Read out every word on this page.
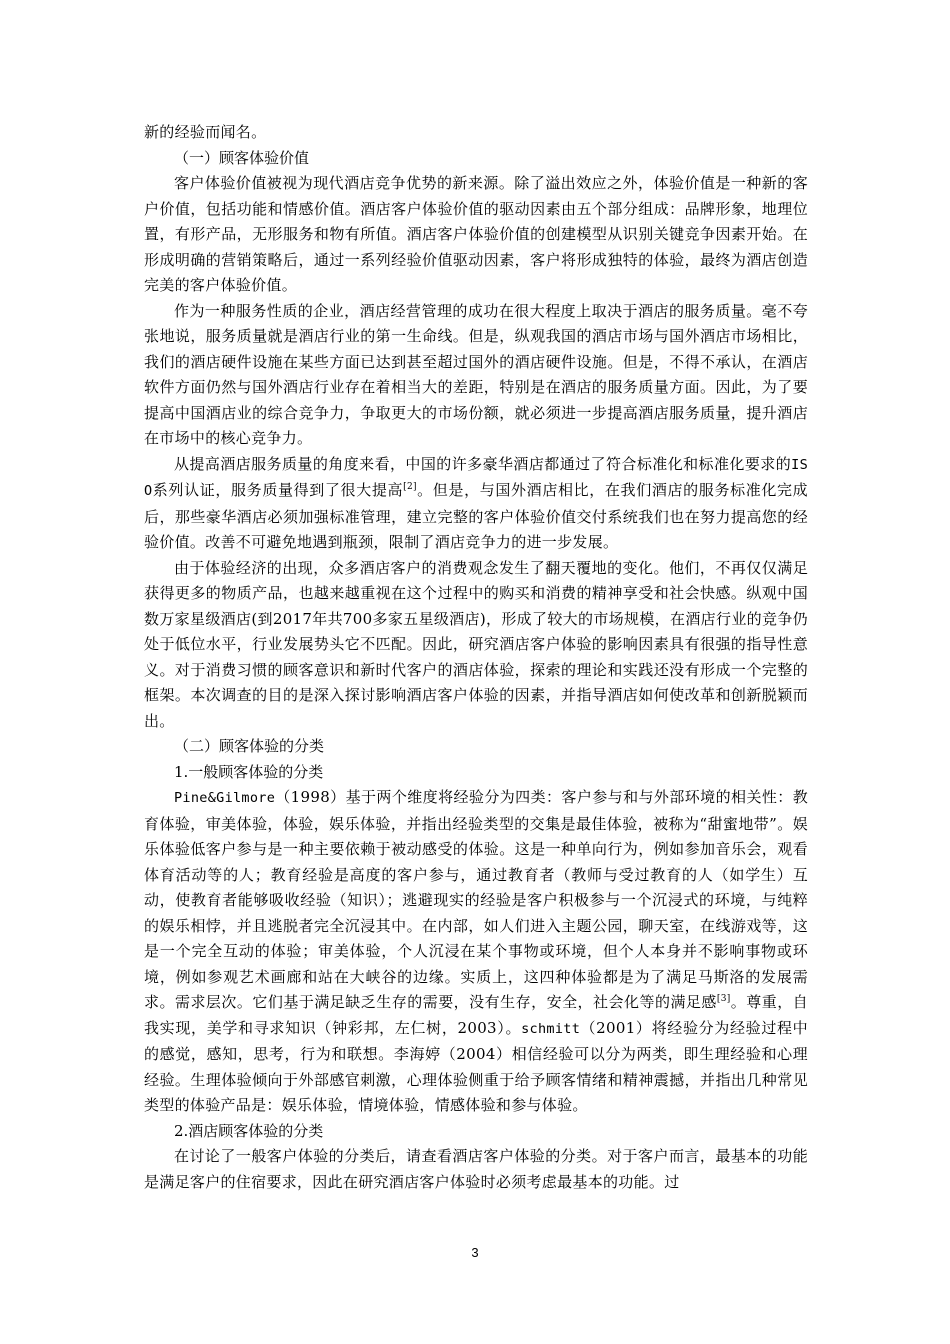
新的经验而闻名。

（一）顾客体验价值

客户体验价值被视为现代酒店竞争优势的新来源。除了溢出效应之外，体验价值是一种新的客户价值，包括功能和情感价值。酒店客户体验价值的驱动因素由五个部分组成：品牌形象，地理位置，有形产品，无形服务和物有所值。酒店客户体验价值的创建模型从识别关键竞争因素开始。在形成明确的营销策略后，通过一系列经验价值驱动因素，客户将形成独特的体验，最终为酒店创造完美的客户体验价值。

作为一种服务性质的企业，酒店经营管理的成功在很大程度上取决于酒店的服务质量。毫不夸张地说，服务质量就是酒店行业的第一生命线。但是，纵观我国的酒店市场与国外酒店市场相比，我们的酒店硬件设施在某些方面已达到甚至超过国外的酒店硬件设施。但是，不得不承认，在酒店软件方面仍然与国外酒店行业存在着相当大的差距，特别是在酒店的服务质量方面。因此，为了要提高中国酒店业的综合竞争力，争取更大的市场份额，就必须进一步提高酒店服务质量，提升酒店在市场中的核心竞争力。

从提高酒店服务质量的角度来看，中国的许多豪华酒店都通过了符合标准化和标准化要求的ISO系列认证，服务质量得到了很大提高[2]。但是，与国外酒店相比，在我们酒店的服务标准化完成后，那些豪华酒店必须加强标准管理，建立完整的客户体验价值交付系统我们也在努力提高您的经验价值。改善不可避免地遇到瓶颈，限制了酒店竞争力的进一步发展。

由于体验经济的出现，众多酒店客户的消费观念发生了翻天覆地的变化。他们，不再仅仅满足获得更多的物质产品，也越来越重视在这个过程中的购买和消费的精神享受和社会快感。纵观中国数万家星级酒店(到2017年共700多家五星级酒店)，形成了较大的市场规模，在酒店行业的竞争仍处于低位水平，行业发展势头它不匹配。因此，研究酒店客户体验的影响因素具有很强的指导性意义。对于消费习惯的顾客意识和新时代客户的酒店体验，探索的理论和实践还没有形成一个完整的框架。本次调查的目的是深入探讨影响酒店客户体验的因素，并指导酒店如何使改革和创新脱颖而出。

（二）顾客体验的分类

1.一般顾客体验的分类

Pine&Gilmore（1998）基于两个维度将经验分为四类：客户参与和与外部环境的相关性：教育体验，审美体验，体验，娱乐体验，并指出经验类型的交集是最佳体验，被称为“甜蜜地带”。娱乐体验低客户参与是一种主要依赖于被动感受的体验。这是一种单向行为，例如参加音乐会，观看体育活动等的人；教育经验是高度的客户参与，通过教育者（教师与受过教育的人（如学生）互动，使教育者能够吸收经验（知识）；逃避现实的经验是客户积极参与一个沉浸式的环境，与纯粹的娱乐相悖，并且逃脱者完全沉浸其中。在内部，如人们进入主题公园，聊天室，在线游戏等，这是一个完全互动的体验；审美体验，个人沉浸在某个事物或环境，但个人本身并不影响事物或环境，例如参观艺术画廊和站在大峡谷的边缘。实质上，这四种体验都是为了满足马斯洛的发展需求。需求层次。它们基于满足缺乏生存的需要，没有生存，安全，社会化等的满足感[3]。尊重，自我实现，美学和寻求知识（钟彩邦，左仁树，2003）。schmitt（2001）将经验分为经验过程中的感觉，感知，思考，行为和联想。李海婷（2004）相信经验可以分为两类，即生理经验和心理经验。生理体验倾向于外部感官刺激，心理体验侧重于给予顾客情绪和精神震撼，并指出几种常见类型的体验产品是：娱乐体验，情境体验，情感体验和参与体验。

2.酒店顾客体验的分类

在讨论了一般客户体验的分类后，请查看酒店客户体验的分类。对于客户而言，最基本的功能是满足客户的住宿要求，因此在研究酒店客户体验时必须考虑最基本的功能。过

3
